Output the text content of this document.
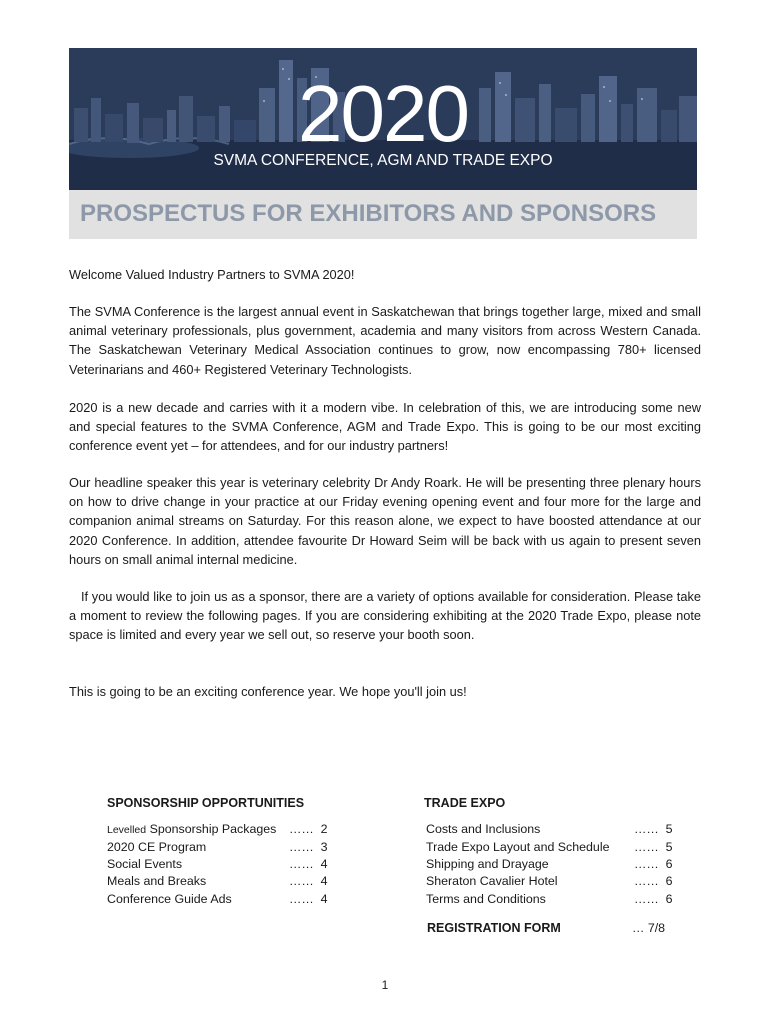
2020
SVMA CONFERENCE, AGM AND TRADE EXPO
PROSPECTUS FOR EXHIBITORS AND SPONSORS

Welcome Valued Industry Partners to SVMA 2020!

The SVMA Conference is the largest annual event in Saskatchewan that brings together large, mixed and small animal veterinary professionals, plus government, academia and many visitors from across Western Canada. The Saskatchewan Veterinary Medical Association continues to grow, now encompassing 780+ licensed Veterinarians and 460+ Registered Veterinary Technologists.

2020 is a new decade and carries with it a modern vibe. In celebration of this, we are introducing some new and special features to the SVMA Conference, AGM and Trade Expo. This is going to be our most exciting conference event yet – for attendees, and for our industry partners!

Our headline speaker this year is veterinary celebrity Dr Andy Roark. He will be presenting three plenary hours on how to drive change in your practice at our Friday evening opening event and four more for the large and companion animal streams on Saturday. For this reason alone, we expect to have boosted attendance at our 2020 Conference. In addition, attendee favourite Dr Howard Seim will be back with us again to present seven hours on small animal internal medicine.

If you would like to join us as a sponsor, there are a variety of options available for consideration. Please take a moment to review the following pages. If you are considering exhibiting at the 2020 Trade Expo, please note space is limited and every year we sell out, so reserve your booth soon.

This is going to be an exciting conference year. We hope you'll join us!

SPONSORSHIP OPPORTUNITIES
Levelled Sponsorship Packages …… 2
2020 CE Program	…… 3
Social Events	…… 4
Meals and Breaks	…… 4
Conference Guide Ads	…… 4
TRADE EXPO
Costs and Inclusions	…… 5
Trade Expo Layout and Schedule …… 5
Shipping and Drayage	…… 6
Sheraton Cavalier Hotel	…… 6
Terms and Conditions	…… 6
REGISTRATION FORM	… 7/8
1
